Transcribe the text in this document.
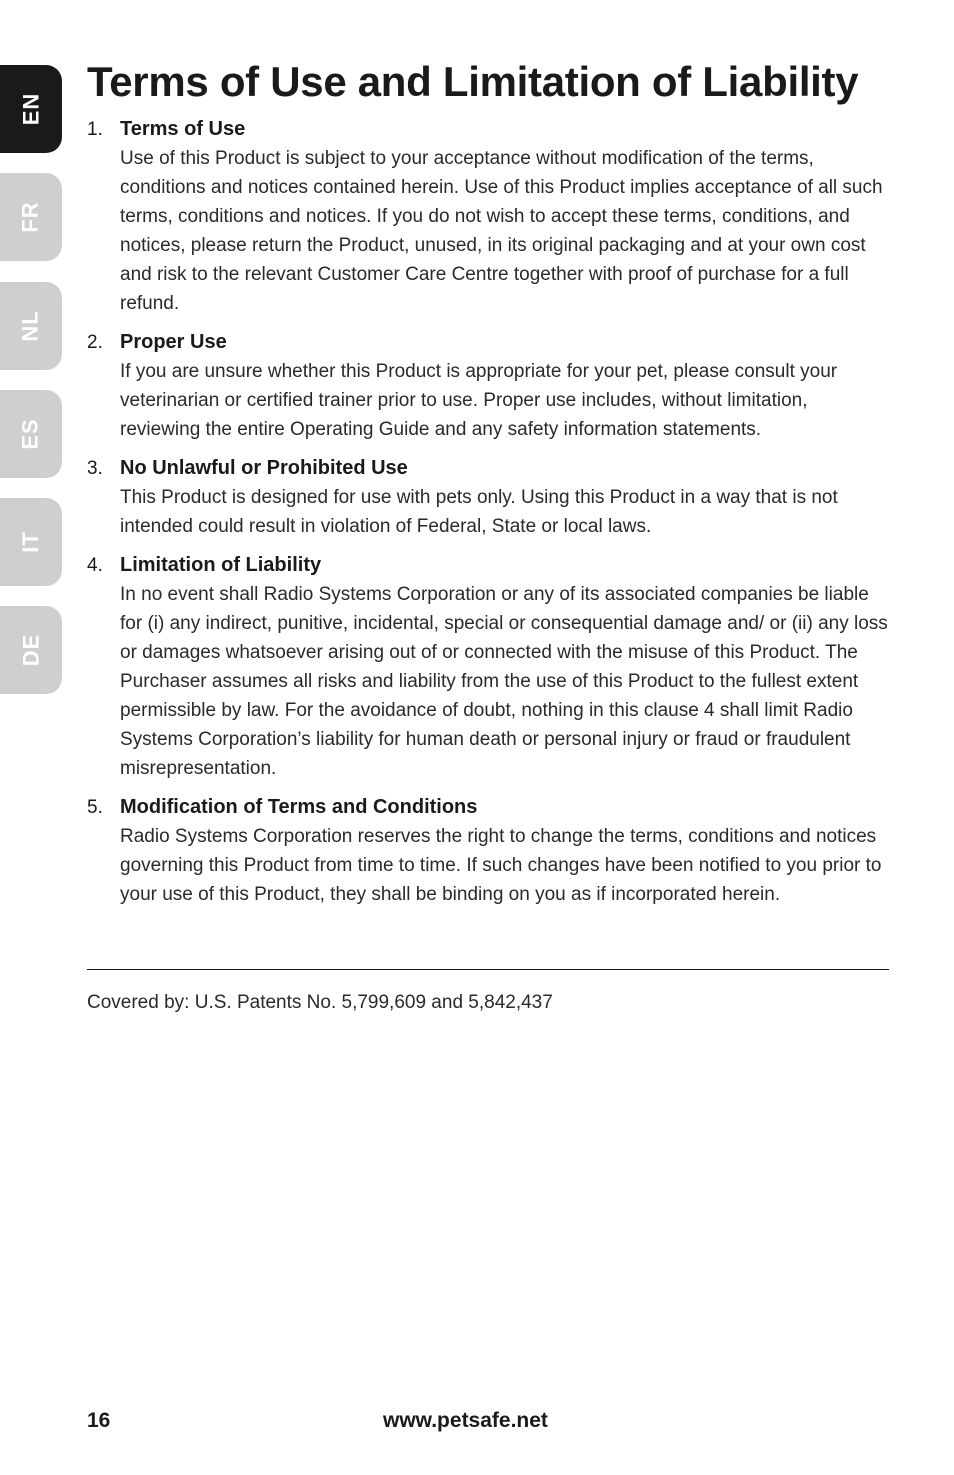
EN
FR
NL
ES
IT
DE
Terms of Use and Limitation of Liability
1. Terms of Use

Use of this Product is subject to your acceptance without modification of the terms, conditions and notices contained herein. Use of this Product implies acceptance of all such terms, conditions and notices. If you do not wish to accept these terms, conditions, and notices, please return the Product, unused, in its original packaging and at your own cost and risk to the relevant Customer Care Centre together with proof of purchase for a full refund.

2. Proper Use

If you are unsure whether this Product is appropriate for your pet, please consult your veterinarian or certified trainer prior to use. Proper use includes, without limitation, reviewing the entire Operating Guide and any safety information statements.

3. No Unlawful or Prohibited Use

This Product is designed for use with pets only. Using this Product in a way that is not intended could result in violation of Federal, State or local laws.

4. Limitation of Liability

In no event shall Radio Systems Corporation or any of its associated companies be liable for (i) any indirect, punitive, incidental, special or consequential damage and/ or (ii) any loss or damages whatsoever arising out of or connected with the misuse of this Product. The Purchaser assumes all risks and liability from the use of this Product to the fullest extent permissible by law. For the avoidance of doubt, nothing in this clause 4 shall limit Radio Systems Corporation’s liability for human death or personal injury or fraud or fraudulent misrepresentation.

5. Modification of Terms and Conditions

Radio Systems Corporation reserves the right to change the terms, conditions and notices governing this Product from time to time. If such changes have been notified to you prior to your use of this Product, they shall be binding on you as if incorporated herein.

Covered by: U.S. Patents No. 5,799,609 and 5,842,437
16	www.petsafe.net
